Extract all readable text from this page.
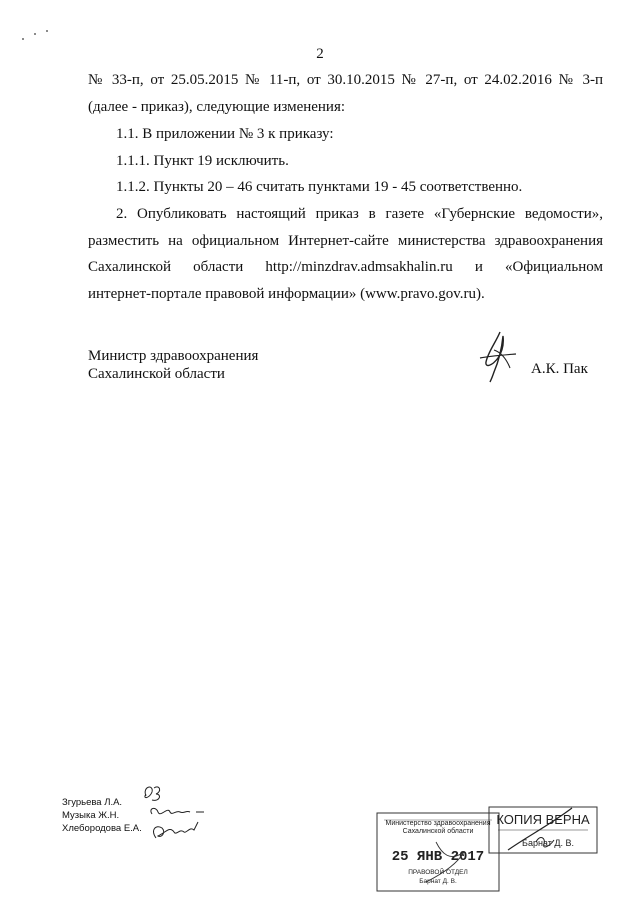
2
№ 33-п, от 25.05.2015 № 11-п, от 30.10.2015 № 27-п, от 24.02.2016 № 3-п
(далее - приказ), следующие изменения:
1.1. В приложении № 3 к приказу:
1.1.1. Пункт 19 исключить.
1.1.2. Пункты 20 – 46 считать пунктами 19 - 45 соответственно.
2. Опубликовать настоящий приказ в газете «Губернские ведомости»,
разместить на официальном Интернет-сайте министерства здравоохранения
Сахалинской области http://minzdrav.admsakhalin.ru и «Официальном
интернет-портале правовой информации» (www.pravo.gov.ru).
Министр здравоохранения
Сахалинской области	А.К. Пак
Згурьева Л.А.
Музыка Ж.Н.
Хлебородова Е.А.	Министерство здравоохранения
Сахалинской области
25 ЯНВ 2017
ПРАВОВОЙ ОТДЕЛ
Барнат Д. В.
КОПИЯ ВЕРНА
Барнат Д. В.
